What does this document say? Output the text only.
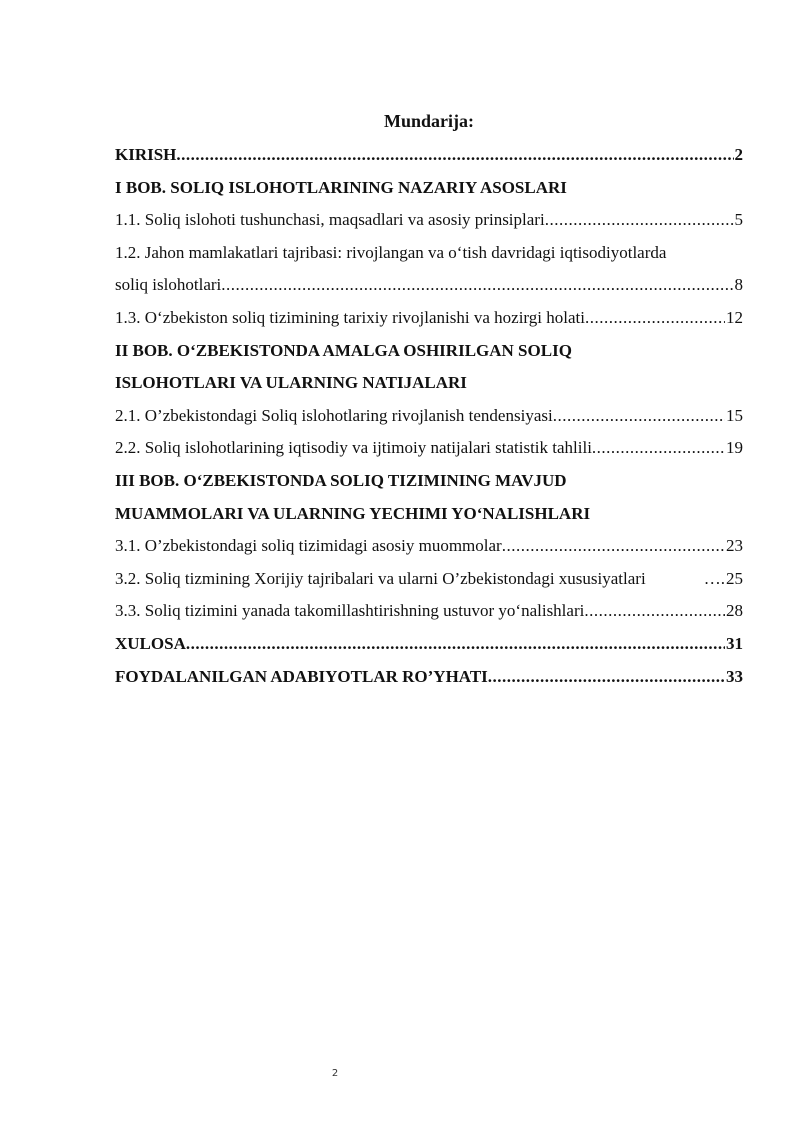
Mundarija:
KIRISH .....	2
I BOB. SOLIQ ISLOHOTLARINING NAZARIY ASOSLARI
1.1. Soliq islohoti tushunchasi, maqsadlari va asosiy prinsiplari .....	5
1.2. Jahon mamlakatlari tajribasi: rivojlangan va o‘tish davridagi iqtisodiyotlarda
soliq islohotlari .....	8
1.3. O‘zbekiston soliq tizimining tarixiy rivojlanishi va hozirgi holati .....	12
II BOB. O‘ZBEKISTONDA AMALGA OSHIRILGAN SOLIQ
ISLOHOTLARI VA ULARNING NATIJALARI
2.1. O’zbekistondagi Soliq islohotlaring rivojlanish tendensiyasi .....	15
2.2. Soliq islohotlarining iqtisodiy va ijtimoiy natijalari statistik tahlili .....	19
III BOB. O‘ZBEKISTONDA SOLIQ TIZIMINING MAVJUD
MUAMMOLARI VA ULARNING YECHIMI YO‘NALISHLARI
3.1. O’zbekistondagi soliq tizimidagi asosiy muommolar .....	23
3.2. Soliq tizmining Xorijiy tajribalari va ularni O’zbekistondagi xususiyatlari	…. 25
3.3. Soliq tizimini yanada takomillashtirishning ustuvor yo‘nalishlari .....	28
XULOSA .....	31
FOYDALANILGAN ADABIYOTLAR RO’YHATI .....	33
2
